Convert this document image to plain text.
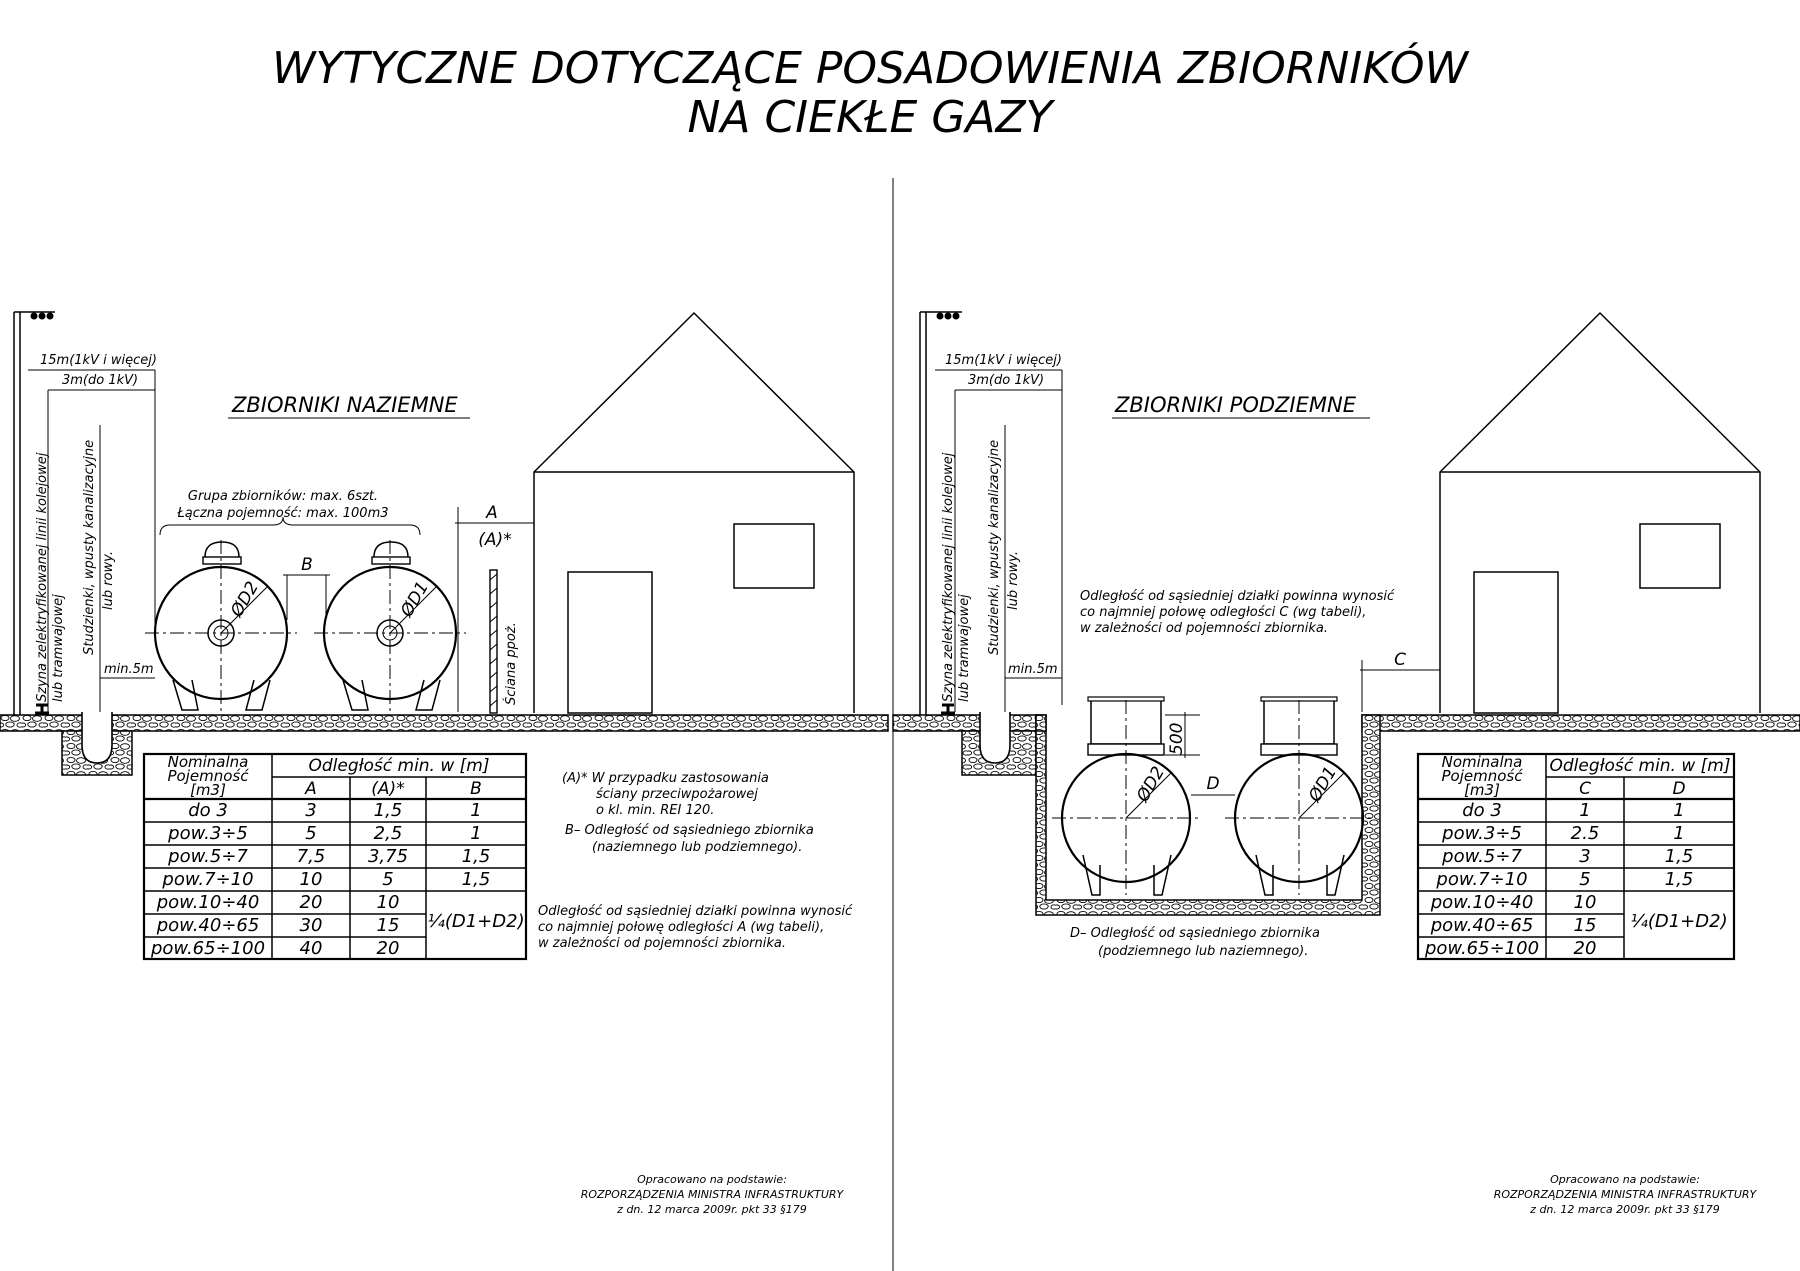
WYTYCZNE DOTYCZĄCE POSADOWIENIA ZBIORNIKÓW
NA CIEKŁE GAZY
15m(1kV i więcej)
3m(do 1kV)
Szyna zelektryfikowanej linii kolejowej lub tramwajowej Studzienki, wpusty kanalizacyjne lub rowy.
min.5m
ZBIORNIKI NAZIEMNE
Grupa zbiorników: max. 6szt.
Łączna pojemność: max. 100m3
ØD2	ØD1
B
A
(A)*
Ściana ppoż.
Nominalna
Pojemność
[m3]
Odległość min. w [m]
A	(A)*	B
do 3	3	1,5	1
pow.3÷5	5	2,5	1
pow.5÷7	7,5 3,75	1,5
pow.7÷10	10	5	1,5
pow.10÷40 20	10
pow.40÷65 30	15
pow.65÷100 40	20
¼(D1+D2)
(A)* W przypadku zastosowania
ściany przeciwpożarowej
o kl. min. REI 120.
B– Odległość od sąsiedniego zbiornika
(naziemnego lub podziemnego).
Odległość od sąsiedniej działki powinna wynosić
co najmniej połowę odległości A (wg tabeli),
w zależności od pojemności zbiornika.
Opracowano na podstawie:
ROZPORZĄDZENIA MINISTRA INFRASTRUKTURY
z dn. 12 marca 2009r. pkt 33 §179
15m(1kV i więcej)
3m(do 1kV)
Szyna zelektryfikowanej linii kolejowej lub tramwajowej Studzienki, wpusty kanalizacyjne lub rowy.
min.5m
ZBIORNIKI PODZIEMNE
Odległość od sąsiedniej działki powinna wynosić
co najmniej połowę odległości C (wg tabeli),
w zależności od pojemności zbiornika.
C
ØD2	ØD1
500
D
D– Odległość od sąsiedniego zbiornika
(podziemnego lub naziemnego).
Nominalna
Pojemność
[m3]
Odległość min. w [m]
C	D
do 3	1	1
pow.3÷5	2.5	1
pow.5÷7	3	1,5
pow.7÷10	5	1,5
pow.10÷40 10
pow.40÷65 15
pow.65÷100 20
¼(D1+D2)
Opracowano na podstawie:
ROZPORZĄDZENIA MINISTRA INFRASTRUKTURY
z dn. 12 marca 2009r. pkt 33 §179
